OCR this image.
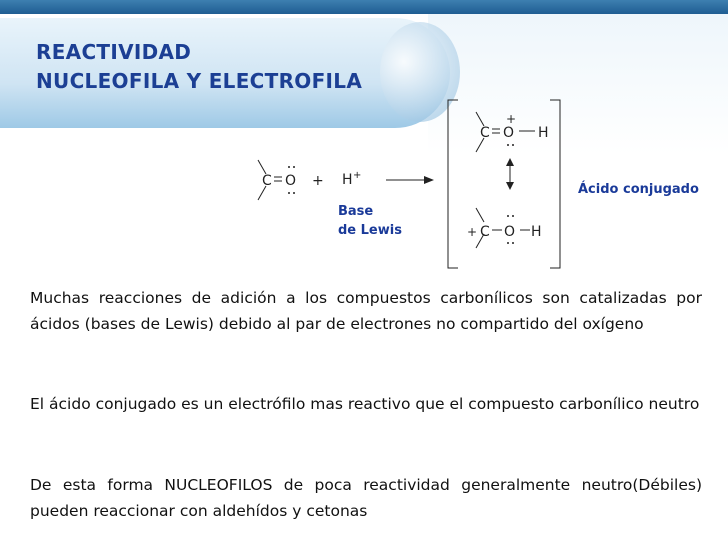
REACTIVIDAD
NUCLEOFILA Y ELECTROFILA
C O + H +
C O
+
H
+ C O H
Base
de Lewis
Ácido conjugado

Muchas reacciones de adición a los compuestos carbonílicos son catalizadas por ácidos (bases de Lewis) debido al par de electrones no compartido del oxígeno

El ácido conjugado es un electrófilo mas reactivo que el compuesto carbonílico neutro

De esta forma NUCLEOFILOS de poca reactividad generalmente neutro(Débiles) pueden reaccionar con aldehídos y cetonas
